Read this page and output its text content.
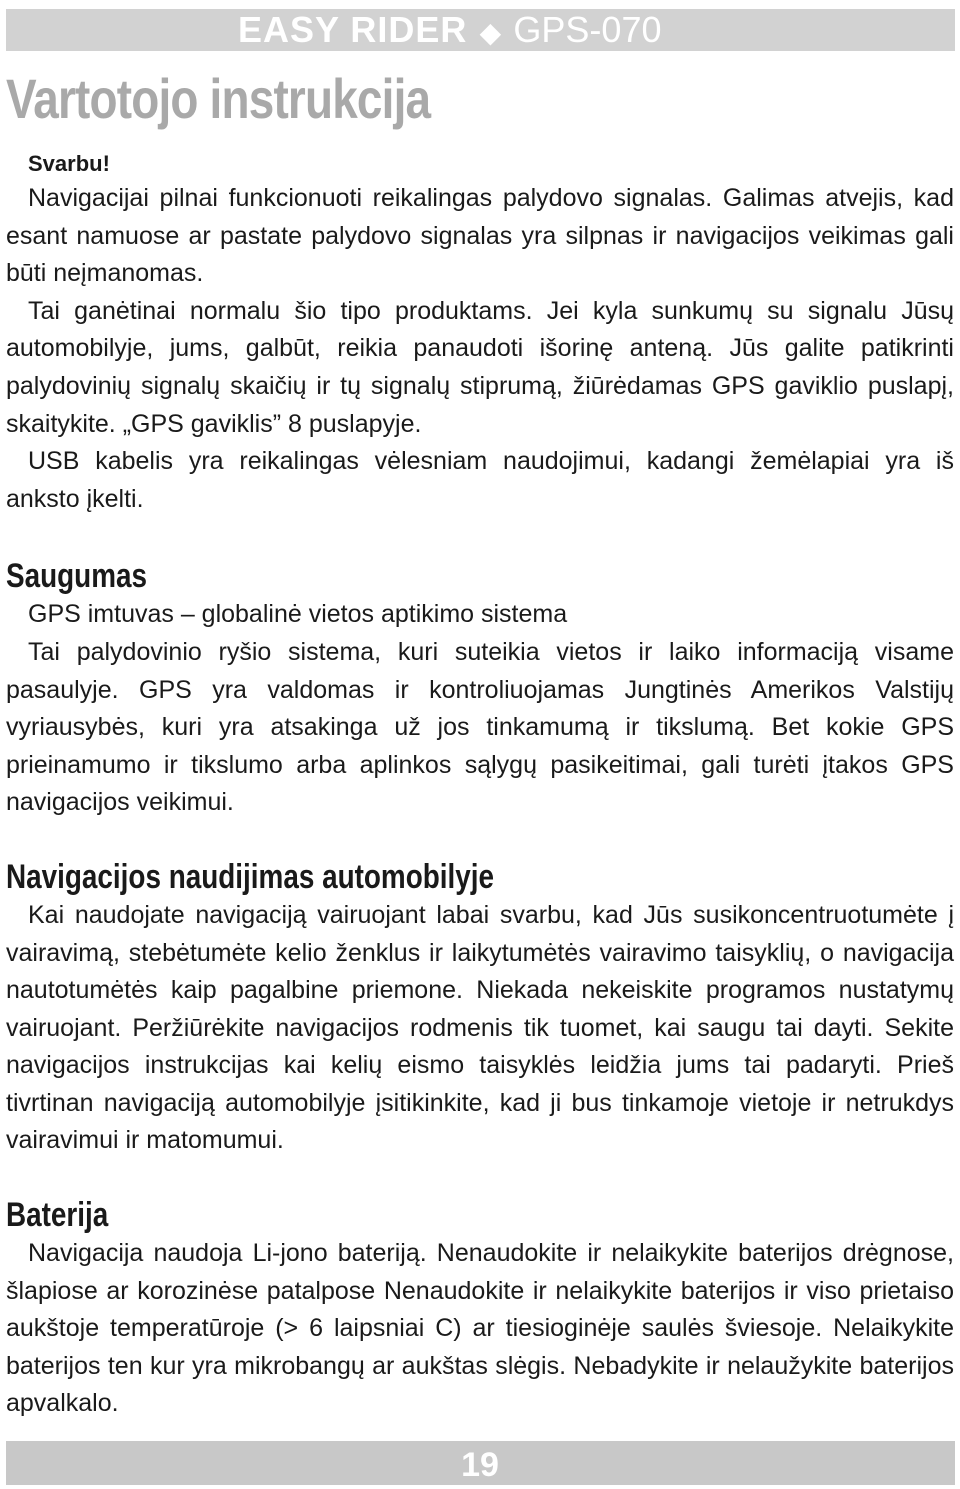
EASY RIDER ◆ GPS-070
Vartotojo instrukcija

Svarbu!

Navigacijai pilnai funkcionuoti reikalingas palydovo signalas. Galimas atvejis, kad esant namuose ar pastate palydovo signalas yra silpnas ir navigacijos veikimas gali būti neįmanomas.

Tai ganėtinai normalu šio tipo produktams. Jei kyla sunkumų su signalu Jūsų automobilyje, jums, galbūt, reikia panaudoti išorinę anteną. Jūs galite patikrinti palydovinių signalų skaičių ir tų signalų stiprumą, žiūrėdamas GPS gaviklio puslapį, skaitykite. „GPS gaviklis” 8 puslapyje.

USB kabelis yra reikalingas vėlesniam naudojimui, kadangi žemėlapiai yra iš anksto įkelti.

Saugumas

GPS imtuvas – globalinė vietos aptikimo sistema

Tai palydovinio ryšio sistema, kuri suteikia vietos ir laiko informaciją visame pasaulyje. GPS yra valdomas ir kontroliuojamas Jungtinės Amerikos Valstijų vyriausybės, kuri yra atsakinga už jos tinkamumą ir tikslumą. Bet kokie GPS prieinamumo ir tikslumo arba aplinkos sąlygų pasikeitimai, gali turėti įtakos GPS navigacijos veikimui.

Navigacijos naudijimas automobilyje

Kai naudojate navigaciją vairuojant labai svarbu, kad Jūs susikoncentruotumėte į vairavimą, stebėtumėte kelio ženklus ir laikytumėtės vairavimo taisyklių, o navigacija nautotumėtės kaip pagalbine priemone. Niekada nekeiskite programos nustatymų vairuojant. Peržiūrėkite navigacijos rodmenis tik tuomet, kai saugu tai dayti. Sekite navigacijos instrukcijas kai kelių eismo taisyklės leidžia jums tai padaryti. Prieš tivrtinan navigaciją automobilyje įsitikinkite, kad ji bus tinkamoje vietoje ir netrukdys vairavimui ir matomumui.

Baterija

Navigacija naudoja Li-jono bateriją. Nenaudokite ir nelaikykite baterijos drėgnose, šlapiose ar korozinėse patalpose Nenaudokite ir nelaikykite baterijos ir viso prietaiso aukštoje temperatūroje (> 6 laipsniai C) ar tiesioginėje saulės šviesoje. Nelaikykite baterijos ten kur yra mikrobangų ar aukštas slėgis. Nebadykite ir nelaužykite baterijos apvalkalo.

19
